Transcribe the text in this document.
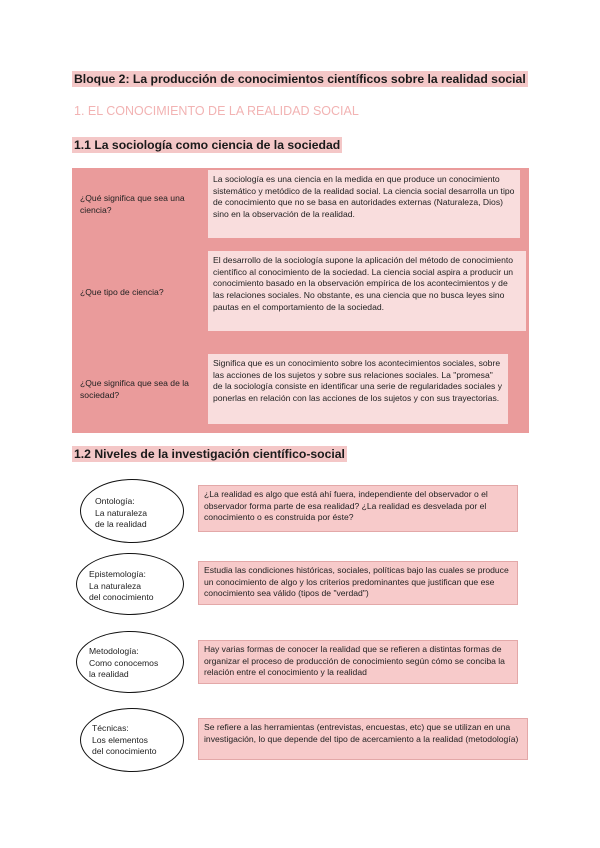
Bloque 2: La producción de conocimientos científicos sobre la realidad social
1. EL CONOCIMIENTO DE LA REALIDAD SOCIAL
1.1 La sociología como ciencia de la sociedad
¿Qué significa que sea una ciencia?
La sociología es una ciencia en la medida en que produce un conocimiento sistemático y metódico de la realidad social. La ciencia social desarrolla un tipo de conocimiento que no se basa en autoridades externas (Naturaleza, Dios) sino en la observación de la realidad.
¿Que tipo de ciencia?
El desarrollo de la sociología supone la aplicación del método de conocimiento científico al conocimiento de la sociedad. La ciencia social aspira a producir un conocimiento basado en la observación empírica de los acontecimientos y de las relaciones sociales. No obstante, es una ciencia que no busca leyes sino pautas en el comportamiento de la sociedad.
¿Que significa que sea de la sociedad?
Significa que es un conocimiento sobre los acontecimientos sociales, sobre las acciones de los sujetos y sobre sus relaciones sociales. La "promesa" de la sociología consiste en identificar una serie de regularidades sociales y ponerlas en relación con las acciones de los sujetos y con sus trayectorias.
1.2 Niveles de la investigación científico-social
Ontología:
La naturaleza
de la realidad
¿La realidad es algo que está ahí fuera, independiente del observador o el observador forma parte de esa realidad? ¿La realidad es desvelada por el conocimiento o es construida por éste?
Epistemología:
La naturaleza
del conocimiento
Estudia las condiciones históricas, sociales, políticas bajo las cuales se produce un conocimiento de algo y los criterios predominantes que justifican que ese conocimiento sea válido (tipos de "verdad")
Metodología:
Como conocemos
la realidad
Hay varias formas de conocer la realidad que se refieren a distintas formas de organizar el proceso de producción de conocimiento según cómo se conciba la relación entre el conocimiento y la realidad
Técnicas:
Los elementos
del conocimiento
Se refiere a las herramientas (entrevistas, encuestas, etc) que se utilizan en una investigación, lo que depende del tipo de acercamiento a la realidad (metodología)
